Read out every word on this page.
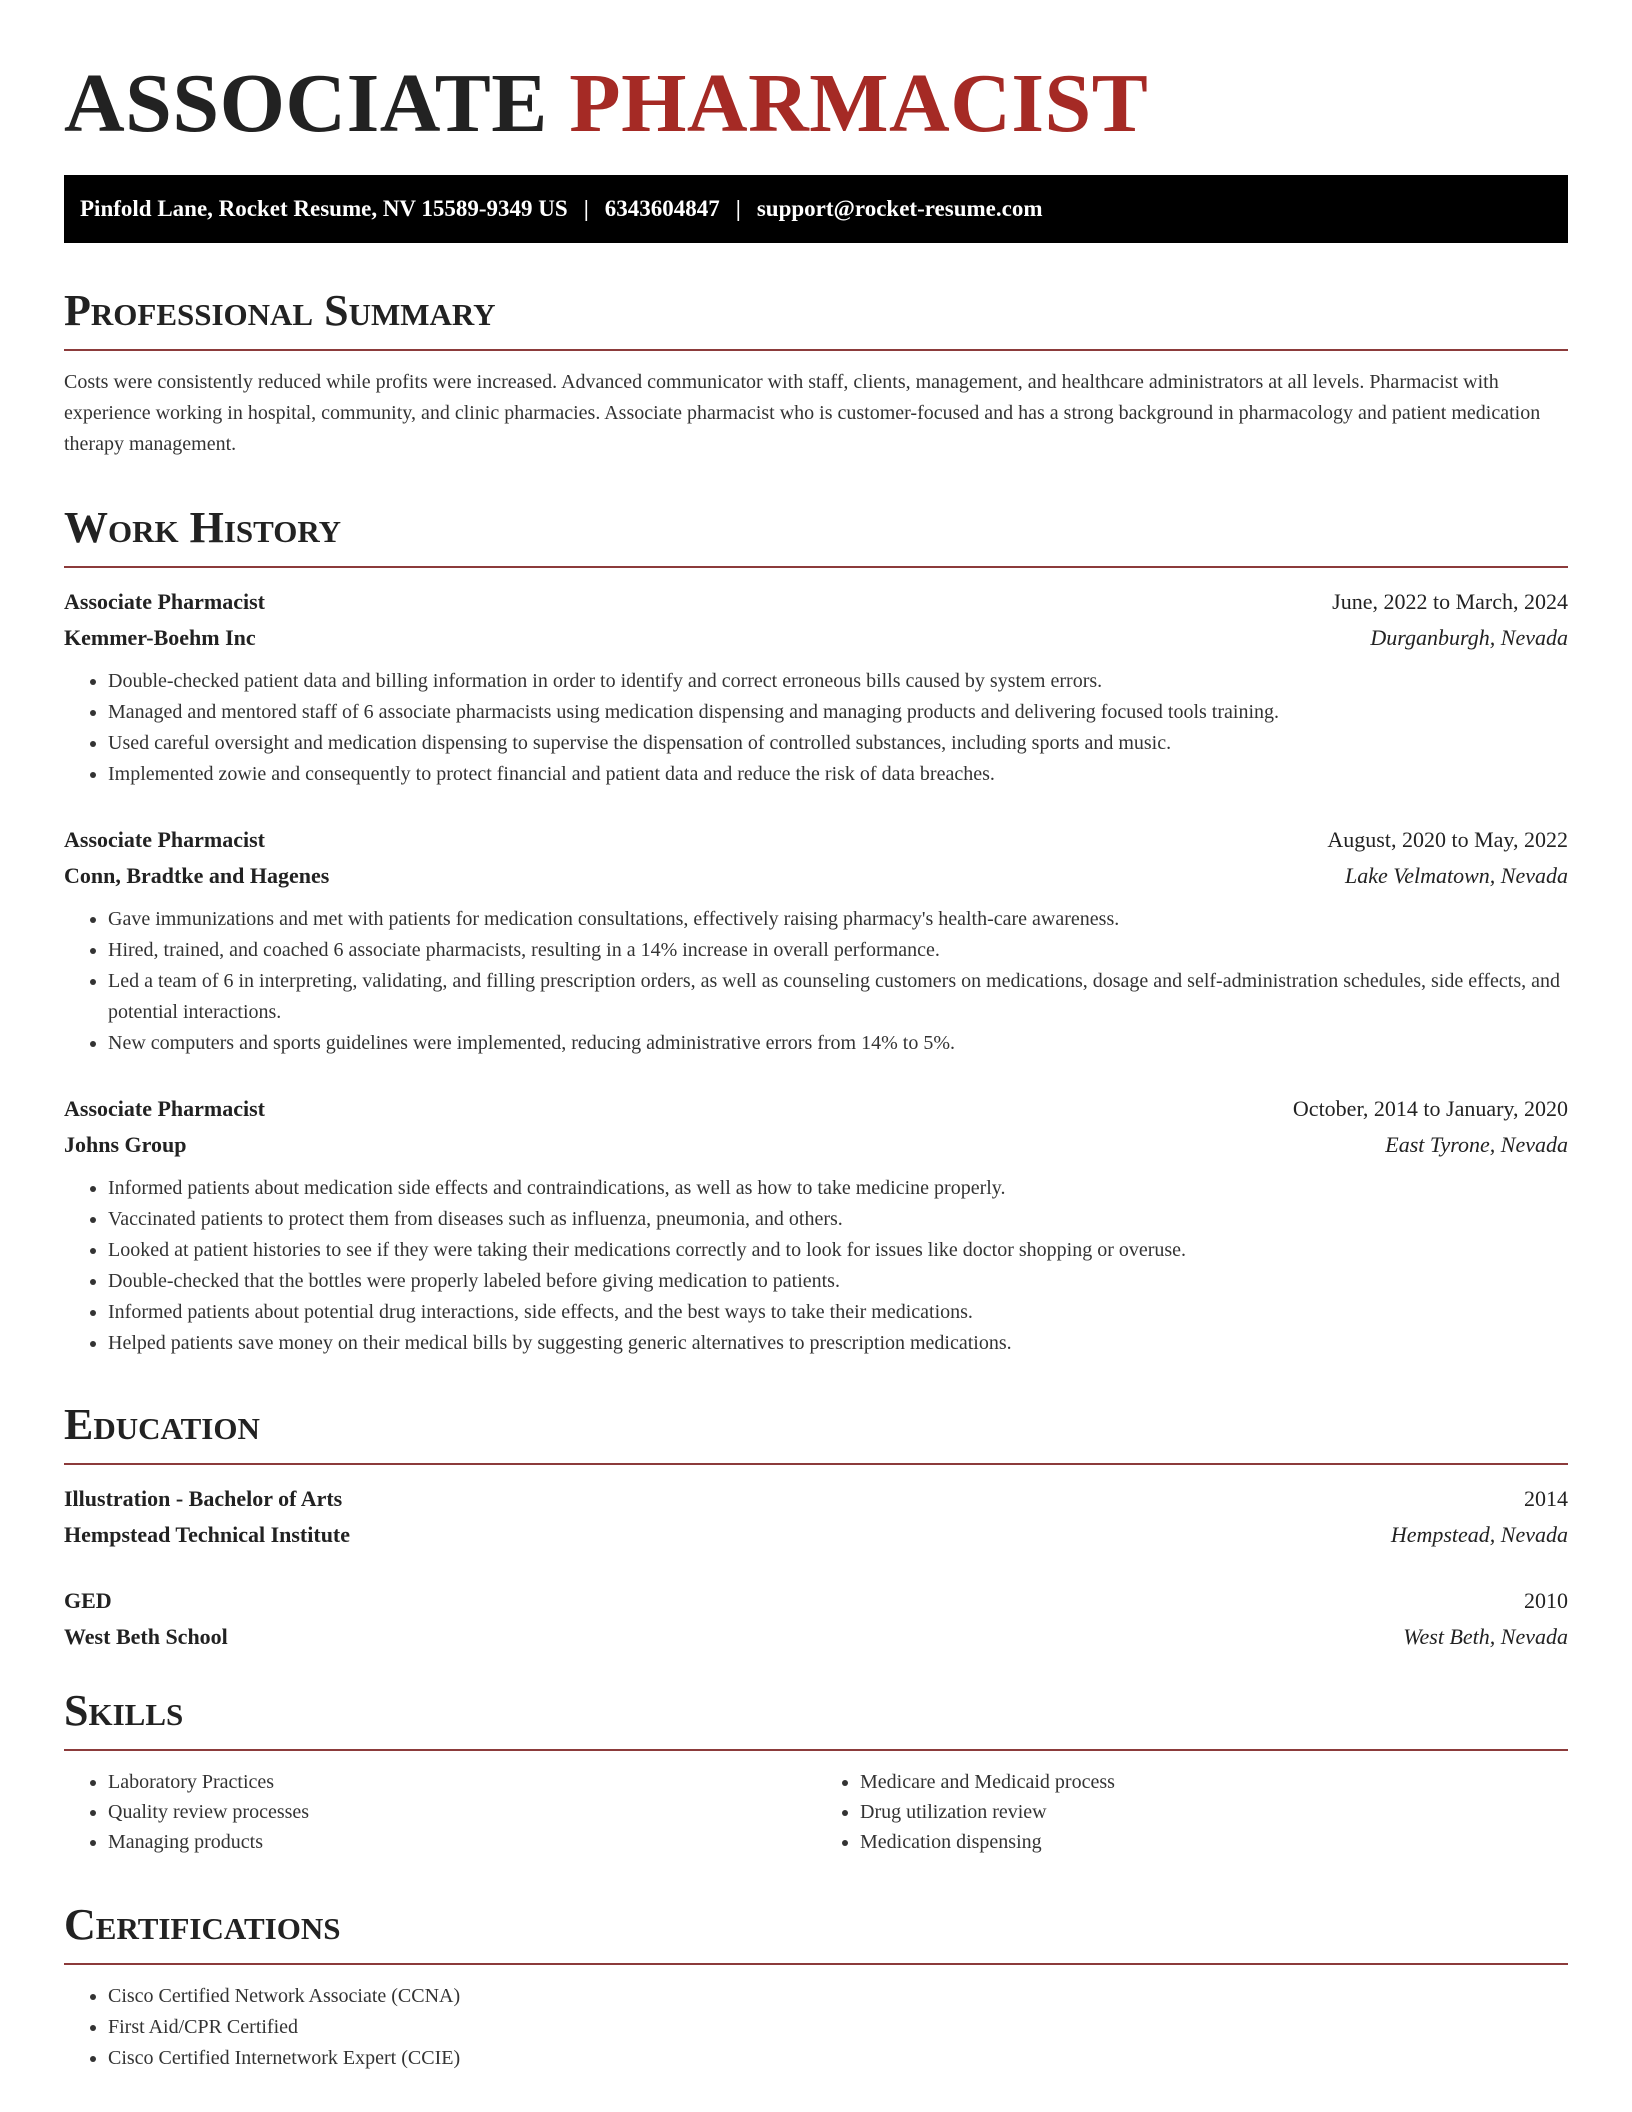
ASSOCIATE PHARMACIST
Pinfold Lane, Rocket Resume, NV 15589-9349 US | 6343604847 | support@rocket-resume.com
Professional Summary

Costs were consistently reduced while profits were increased. Advanced communicator with staff, clients, management, and healthcare administrators at all levels. Pharmacist with experience working in hospital, community, and clinic pharmacies. Associate pharmacist who is customer-focused and has a strong background in pharmacology and patient medication therapy management.

Work History
Associate Pharmacist	June, 2022 to March, 2024
Kemmer-Boehm Inc	Durganburgh, Nevada
• Double-checked patient data and billing information in order to identify and correct erroneous bills caused by system errors.
• Managed and mentored staff of 6 associate pharmacists using medication dispensing and managing products and delivering focused tools training.
• Used careful oversight and medication dispensing to supervise the dispensation of controlled substances, including sports and music.
• Implemented zowie and consequently to protect financial and patient data and reduce the risk of data breaches.
Associate Pharmacist	August, 2020 to May, 2022
Conn, Bradtke and Hagenes	Lake Velmatown, Nevada
• Gave immunizations and met with patients for medication consultations, effectively raising pharmacy's health-care awareness.
• Hired, trained, and coached 6 associate pharmacists, resulting in a 14% increase in overall performance.
• Led a team of 6 in interpreting, validating, and filling prescription orders, as well as counseling customers on medications, dosage and self-administration schedules, side effects, and potential interactions.
• New computers and sports guidelines were implemented, reducing administrative errors from 14% to 5%.
Associate Pharmacist	October, 2014 to January, 2020
Johns Group	East Tyrone, Nevada
• Informed patients about medication side effects and contraindications, as well as how to take medicine properly.
• Vaccinated patients to protect them from diseases such as influenza, pneumonia, and others.
• Looked at patient histories to see if they were taking their medications correctly and to look for issues like doctor shopping or overuse.
• Double-checked that the bottles were properly labeled before giving medication to patients.
• Informed patients about potential drug interactions, side effects, and the best ways to take their medications.
• Helped patients save money on their medical bills by suggesting generic alternatives to prescription medications.
Education
Illustration - Bachelor of Arts	2014
Hempstead Technical Institute	Hempstead, Nevada
GED	2010
West Beth School	West Beth, Nevada
Skills
• Laboratory Practices
• Quality review processes
• Managing products
• Medicare and Medicaid process
• Drug utilization review
• Medication dispensing
Certifications
• Cisco Certified Network Associate (CCNA)
• First Aid/CPR Certified
• Cisco Certified Internetwork Expert (CCIE)
